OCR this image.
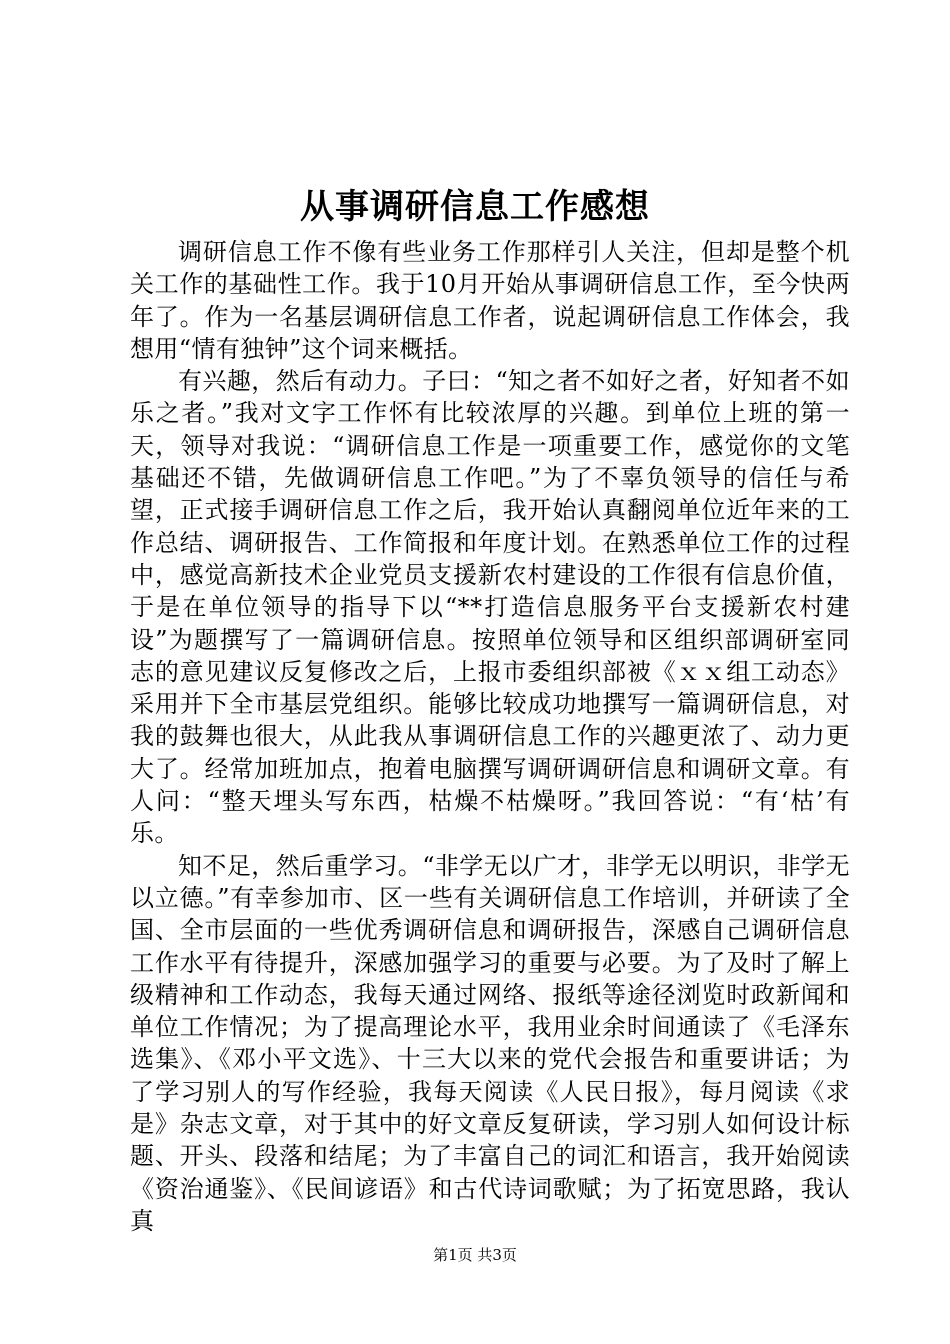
从事调研信息工作感想

调研信息工作不像有些业务工作那样引人关注，但却是整个机关工作的基础性工作。我于10月开始从事调研信息工作，至今快两年了。作为一名基层调研信息工作者，说起调研信息工作体会，我想用“情有独钟”这个词来概括。

有兴趣，然后有动力。子曰：“知之者不如好之者，好知者不如乐之者。”我对文字工作怀有比较浓厚的兴趣。到单位上班的第一天，领导对我说：“调研信息工作是一项重要工作，感觉你的文笔基础还不错，先做调研信息工作吧。”为了不辜负领导的信任与希望，正式接手调研信息工作之后，我开始认真翻阅单位近年来的工作总结、调研报告、工作简报和年度计划。在熟悉单位工作的过程中，感觉高新技术企业党员支援新农村建设的工作很有信息价值，于是在单位领导的指导下以“**打造信息服务平台支援新农村建设”为题撰写了一篇调研信息。按照单位领导和区组织部调研室同志的意见建议反复修改之后，上报市委组织部被《ｘｘ组工动态》采用并下全市基层党组织。能够比较成功地撰写一篇调研信息，对我的鼓舞也很大，从此我从事调研信息工作的兴趣更浓了、动力更大了。经常加班加点，抱着电脑撰写调研调研信息和调研文章。有人问：“整天埋头写东西，枯燥不枯燥呀。”我回答说：“有‘枯’有乐。

知不足，然后重学习。“非学无以广才，非学无以明识，非学无以立德。”有幸参加市、区一些有关调研信息工作培训，并研读了全国、全市层面的一些优秀调研信息和调研报告，深感自己调研信息工作水平有待提升，深感加强学习的重要与必要。为了及时了解上级精神和工作动态，我每天通过网络、报纸等途径浏览时政新闻和单位工作情况；为了提高理论水平，我用业余时间通读了《毛泽东选集》、《邓小平文选》、十三大以来的党代会报告和重要讲话；为了学习别人的写作经验，我每天阅读《人民日报》，每月阅读《求是》杂志文章，对于其中的好文章反复研读，学习别人如何设计标题、开头、段落和结尾；为了丰富自己的词汇和语言，我开始阅读《资治通鉴》、《民间谚语》和古代诗词歌赋；为了拓宽思路，我认真

第1页 共3页
